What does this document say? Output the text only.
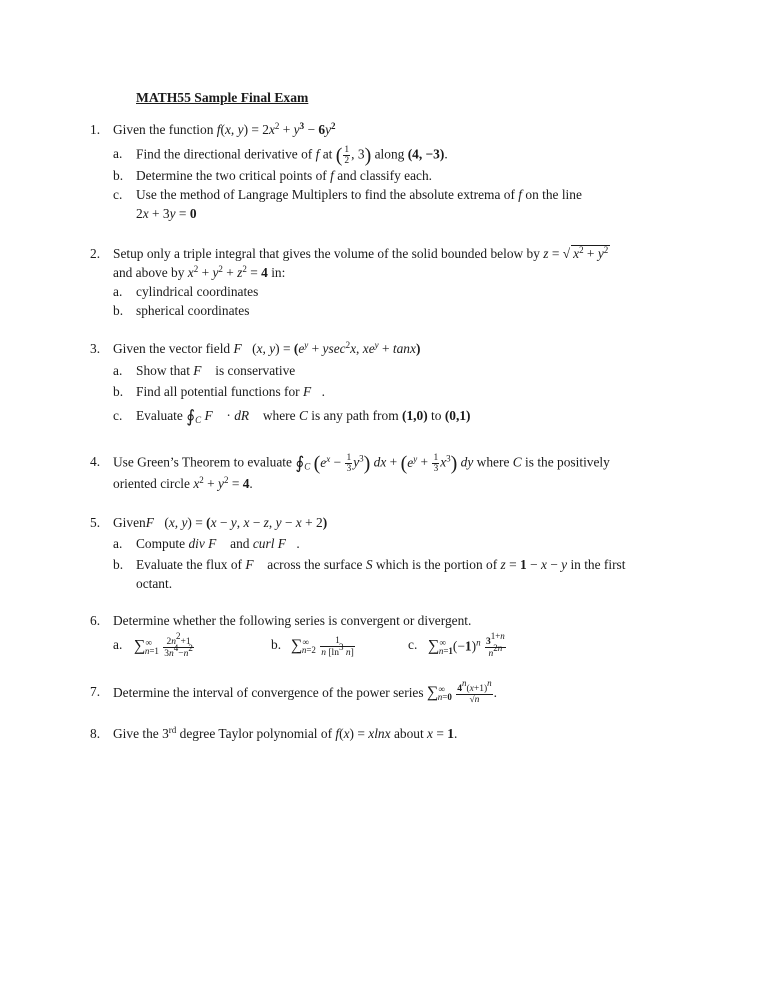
MATH55 Sample Final Exam
1. Given the function f(x, $y) = 2x^2 + y^3 - 6y^2$
a. Find the directional derivative of f at ( $\frac{1}{2}$ , 3) along (4, −3).
b. Determine the two critical points of f and classify each.
c. Use the method of Langrage Multiplers to find the absolute extrema of f on the line
2x + 3y = 0
2. Setup only a triple integral that gives the volume of the solid bounded below by z = √ $x^2 + y^2$
and above by $x^2 + y^2 + z^2 = 4$ in:
a. cylindrical coordinates
b. spherical coordinates
3. Given the vector field F⃗(x, $y) = (e^y + ysec^2x$, $xe^y + \tan x$)
a. Show that F⃗ is conservative
b. Find all potential functions for F⃗.
c. Evaluate $∮_C$ F⃗ · dR⃗ where C is any path from (1,0) to (0,1)
4. Use Green’s Theorem to evaluate $∮_C$ $(e^x - \frac{1}{3} y^3)$ dx + $(e^y + \frac{1}{3} x^3)$ dy where C is the positively
oriented circle $x^2 + y^2 = 4$.
5. GivenF⃗(x, y) = (x − y, x − z, y − x + 2)
a. Compute div F⃗ and curl F⃗.
b. Evaluate the flux of F⃗ across the surface S which is the portion of z = 1 − x − y in the first
octant.
6. Determine whether the following series is convergent or divergent.
a. $\sum^\infty_{n=1} \frac{2n^2+1}{3n^4-n^2}$	b. $\sum^\infty_{n=2} \frac{1}{n [\ln^3 n]}$	c. $\sum^\infty_{n=1}(-1)^n \frac{3^{1+n}}{n^{2n}}$
7. Determine the interval of convergence of the power series $\sum^\infty_{n=0} \frac{4^n(x+1)^n}{√n}$ .
8. Give the 3rd degree Taylor polynomial of f(x) = xlnx about x = 1.
